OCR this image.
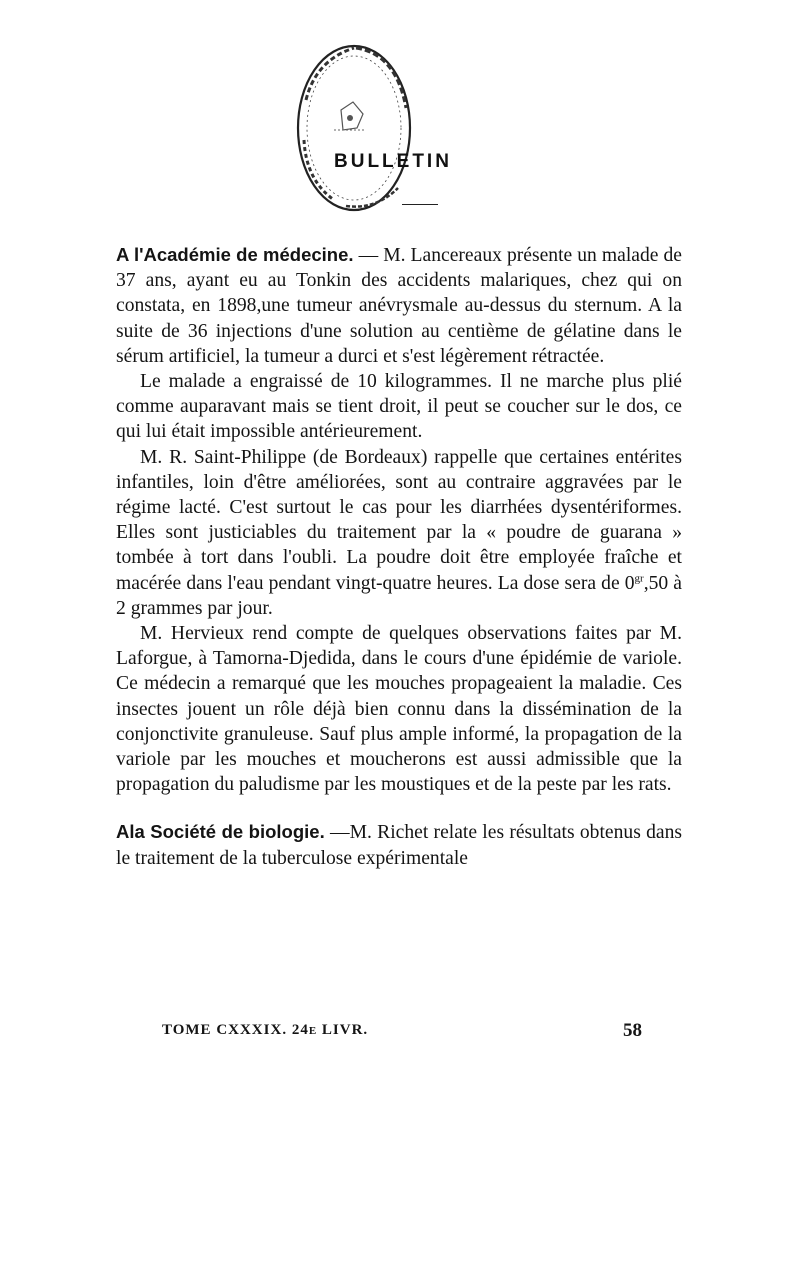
BULLETIN

A l'Académie de médecine. — M. Lancereaux présente un malade de 37 ans, ayant eu au Tonkin des accidents malariques, chez qui on constata, en 1898,une tumeur anévrysmale au-dessus du sternum. A la suite de 36 injections d'une solution au centième de gélatine dans le sérum artificiel, la tumeur a durci et s'est légèrement rétractée.

Le malade a engraissé de 10 kilogrammes. Il ne marche plus plié comme auparavant mais se tient droit, il peut se coucher sur le dos, ce qui lui était impossible antérieurement.

M. R. Saint-Philippe (de Bordeaux) rappelle que certaines entérites infantiles, loin d'être améliorées, sont au contraire aggravées par le régime lacté. C'est surtout le cas pour les diarrhées dysentériformes. Elles sont justiciables du traitement par la « poudre de guarana » tombée à tort dans l'oubli. La poudre doit être employée fraîche et macérée dans l'eau pendant vingt-quatre heures. La dose sera de $0^{gr},50$ à 2 grammes par jour.

M. Hervieux rend compte de quelques observations faites par M. Laforgue, à Tamorna-Djedida, dans le cours d'une épidémie de variole. Ce médecin a remarqué que les mouches propageaient la maladie. Ces insectes jouent un rôle déjà bien connu dans la dissémination de la conjonctivite granuleuse. Sauf plus ample informé, la propagation de la variole par les mouches et moucherons est aussi admissible que la propagation du paludisme par les moustiques et de la peste par les rats.

Ala Société de biologie. —M. Richet relate les résultats obtenus dans le traitement de la tuberculose expérimentale

TOME CXXXIX. 24e LIVR.	58
